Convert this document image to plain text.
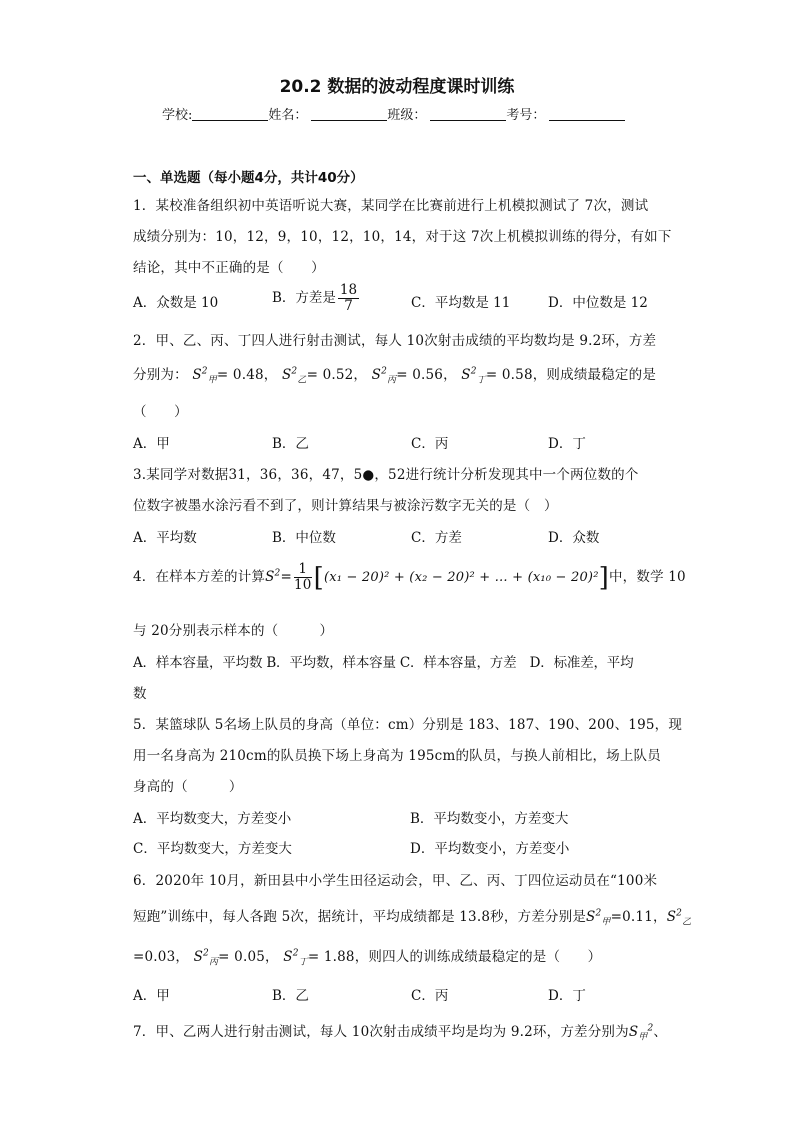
20.2 数据的波动程度课时训练
学校:	姓名：	班级：	考号：
一、单选题（每小题4分，共计40分）
1．某校准备组织初中英语听说大赛，某同学在比赛前进行上机模拟测试了 7次，测试
成绩分别为：10，12，9，10，12，10，14，对于这 7次上机模拟训练的得分，有如下
结论，其中不正确的是（　　）
A．众数是 10	B．方差是 $\frac{18}{7}$	C．平均数是 11	D．中位数是 12
2．甲、乙、丙、丁四人进行射击测试，每人 10次射击成绩的平均数均是 9.2环，方差
分别为： $S^2_甲= 0.48$， $S^2_乙= 0.52$， $S^2_丙= 0.56$， $S^2_丁= 0.58$，则成绩最稳定的是
（　　）
A．甲	B．乙	C．丙	D．丁
3.某同学对数据31，36，36，47，5●，52进行统计分析发现其中一个两位数的个
位数字被墨水涂污看不到了，则计算结果与被涂污数字无关的是（　）
A．平均数	B．中位数	C．方差	D．众数
4．在样本方差的计算$S^2= \frac{1}{10} [(x_1 - 20)^2 + (x_2 - 20)^2$ + … + (x₁₀ − 20)²]中，数学 10
与 20分别表示样本的（　　　）
A．样本容量，平均数 B．平均数，样本容量 C．样本容量，方差　D．标准差，平均
数
5．某篮球队 5名场上队员的身高（单位：cm）分别是 183、187、190、200、195，现
用一名身高为 210cm的队员换下场上身高为 195cm的队员，与换人前相比，场上队员
身高的（　　　）
A．平均数变大，方差变小	B．平均数变小，方差变大
C．平均数变大，方差变大	D．平均数变小，方差变小
6．2020年 10月，新田县中小学生田径运动会，甲、乙、丙、丁四位运动员在“100米
短跑”训练中，每人各跑 5次，据统计，平均成绩都是 13.8秒，方差分别是$S^2_甲=0.11$，$S^2_乙$
=0.03， $S^2_丙= 0.05$， $S^2_丁= 1.88$，则四人的训练成绩最稳定的是（　　）
A．甲	B．乙	C．丙	D．丁
7．甲、乙两人进行射击测试，每人 10次射击成绩平均是均为 9.2环，方差分别为$S_甲^2$、
